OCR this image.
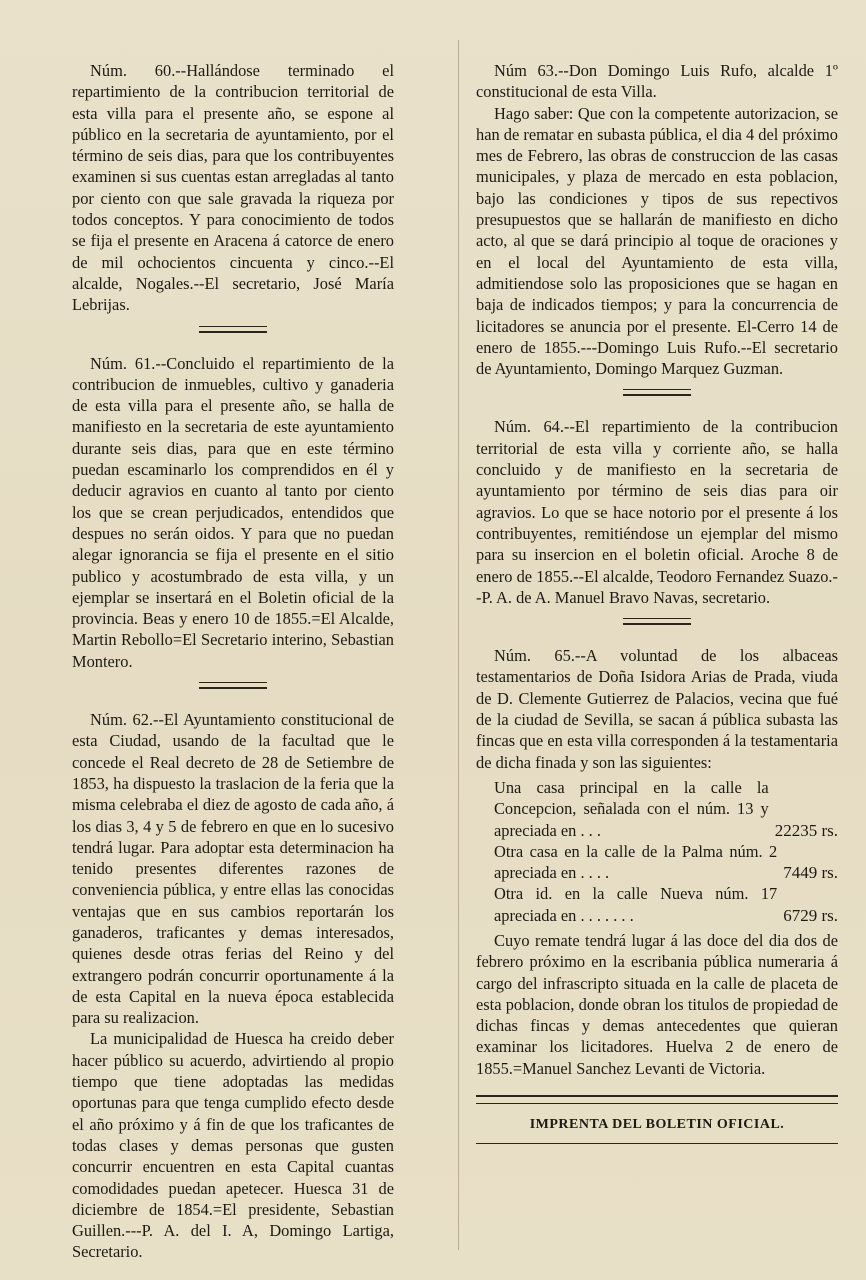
Núm. 60.--Hallándose terminado el repartimiento de la contribucion territorial de esta villa para el presente año, se espone al público en la secretaria de ayuntamiento, por el término de seis dias, para que los contribuyentes examinen si sus cuentas estan arregladas al tanto por ciento con que sale gravada la riqueza por todos conceptos. Y para conocimiento de todos se fija el presente en Aracena á catorce de enero de mil ochocientos cincuenta y cinco.--El alcalde, Nogales.--El secretario, José María Lebrijas.

Núm. 61.--Concluido el repartimiento de la contribucion de inmuebles, cultivo y ganaderia de esta villa para el presente año, se halla de manifiesto en la secretaria de este ayuntamiento durante seis dias, para que en este término puedan escaminarlo los comprendidos en él y deducir agravios en cuanto al tanto por ciento los que se crean perjudicados, entendidos que despues no serán oidos. Y para que no puedan alegar ignorancia se fija el presente en el sitio publico y acostumbrado de esta villa, y un ejemplar se insertará en el Boletin oficial de la provincia. Beas y enero 10 de 1855.=El Alcalde, Martin Rebollo=El Secretario interino, Sebastian Montero.

Núm. 62.--El Ayuntamiento constitucional de esta Ciudad, usando de la facultad que le concede el Real decreto de 28 de Setiembre de 1853, ha dispuesto la traslacion de la feria que la misma celebraba el diez de agosto de cada año, á los dias 3, 4 y 5 de febrero en que en lo sucesivo tendrá lugar. Para adoptar esta determinacion ha tenido presentes diferentes razones de conveniencia pública, y entre ellas las conocidas ventajas que en sus cambios reportarán los ganaderos, traficantes y demas interesados, quienes desde otras ferias del Reino y del extrangero podrán concurrir oportunamente á la de esta Capital en la nueva época establecida para su realizacion.

La municipalidad de Huesca ha creido deber hacer público su acuerdo, advirtiendo al propio tiempo que tiene adoptadas las medidas oportunas para que tenga cumplido efecto desde el año próximo y á fin de que los traficantes de todas clases y demas personas que gusten concurrir encuentren en esta Capital cuantas comodidades puedan apetecer. Huesca 31 de diciembre de 1854.=El presidente, Sebastian Guillen.---P. A. del I. A, Domingo Lartiga, Secretario.

Núm 63.--Don Domingo Luis Rufo, alcalde 1º constitucional de esta Villa.

Hago saber: Que con la competente autorizacion, se han de rematar en subasta pública, el dia 4 del próximo mes de Febrero, las obras de construccion de las casas municipales, y plaza de mercado en esta poblacion, bajo las condiciones y tipos de sus repectivos presupuestos que se hallarán de manifiesto en dicho acto, al que se dará principio al toque de oraciones y en el local del Ayuntamiento de esta villa, admitiendose solo las proposiciones que se hagan en baja de indicados tiempos; y para la concurrencia de licitadores se anuncia por el presente. El-Cerro 14 de enero de 1855.---Domingo Luis Rufo.--El secretario de Ayuntamiento, Domingo Marquez Guzman.

Núm. 64.--El repartimiento de la contribucion territorial de esta villa y corriente año, se halla concluido y de manifiesto en la secretaria de ayuntamiento por término de seis dias para oir agravios. Lo que se hace notorio por el presente á los contribuyentes, remitiéndose un ejemplar del mismo para su insercion en el boletin oficial. Aroche 8 de enero de 1855.--El alcalde, Teodoro Fernandez Suazo.--P. A. de A. Manuel Bravo Navas, secretario.

Núm. 65.--A voluntad de los albaceas testamentarios de Doña Isidora Arias de Prada, viuda de D. Clemente Gutierrez de Palacios, vecina que fué de la ciudad de Sevilla, se sacan á pública subasta las fincas que en esta villa corresponden á la testamentaria de dicha finada y son las siguientes:

Una casa principal en la calle la Concepcion, señalada con el núm. 13 y apreciada en . . .	22235 rs.
Otra casa en la calle de la Palma núm. 2 apreciada en . . . .	7449 rs.
Otra id. en la calle Nueva núm. 17 apreciada en . . . . . . .	6729 rs.

Cuyo remate tendrá lugar á las doce del dia dos de febrero próximo en la escribania pública numeraria á cargo del infrascripto situada en la calle de placeta de esta poblacion, donde obran los titulos de propiedad de dichas fincas y demas antecedentes que quieran examinar los licitadores. Huelva 2 de enero de 1855.=Manuel Sanchez Levanti de Victoria.

IMPRENTA DEL BOLETIN OFICIAL.
